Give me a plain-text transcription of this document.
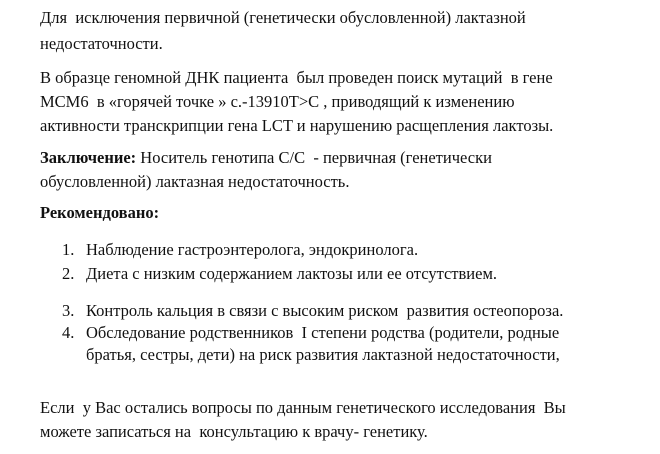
Для  исключения первичной (генетически обусловленной) лактазной
недостаточности.
В образце геномной ДНК пациента  был проведен поиск мутаций  в гене
MCM6  в «горячей точке » c.-13910T>C , приводящий к изменению
активности транскрипции гена LCT и нарушению расщепления лактозы.
Заключение: Носитель генотипа C/C  - первичная (генетически
обусловленной) лактазная недостаточность.
Рекомендовано:
1. Наблюдение гастроэнтеролога, эндокринолога.
2. Диета с низким содержанием лактозы или ее отсутствием.
3. Контроль кальция в связи с высоким риском  развития остеопороза.
4. Обследование родственников  I степени родства (родители, родные
братья, сестры, дети) на риск развития лактазной недостаточности,
Если  у Вас остались вопросы по данным генетического исследования  Вы
можете записаться на  консультацию к врачу- генетику.
